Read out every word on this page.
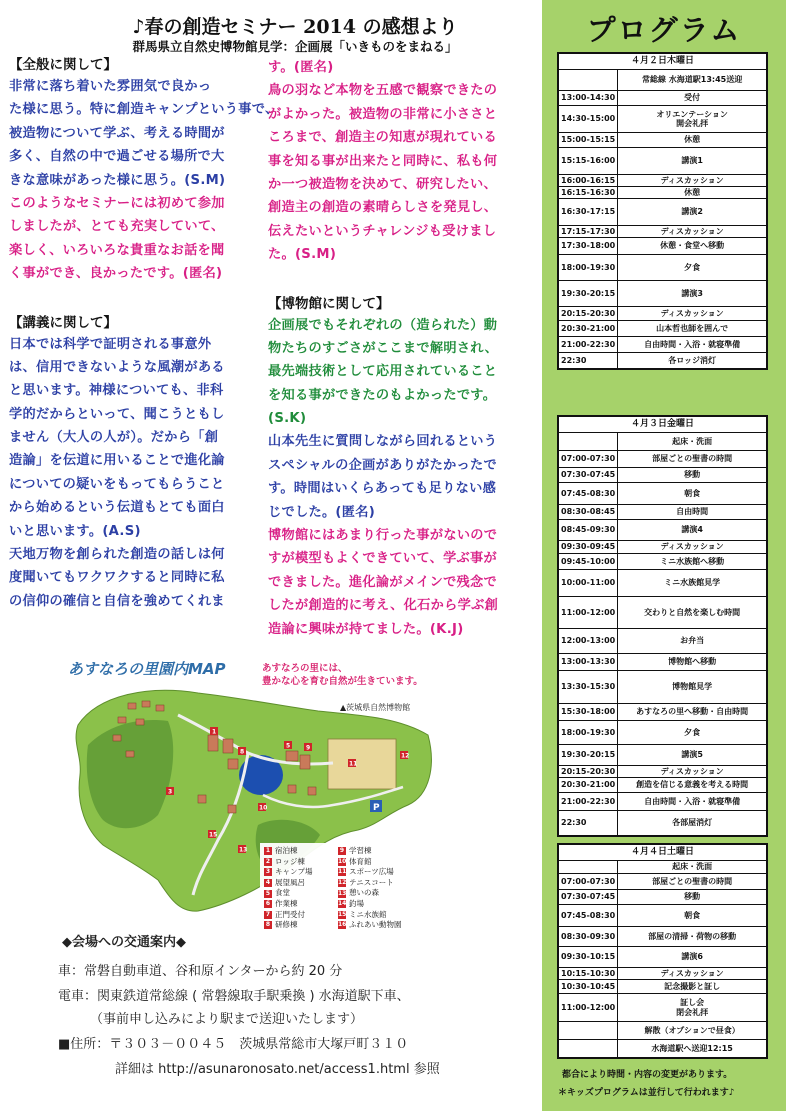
♪春の創造セミナー 2014 の感想より
群馬県立自然史博物館見学：企画展「いきものをまねる」
【全般に関して】
非常に落ち着いた雰囲気で良かっ
た様に思う。特に創造キャンプという事で、
被造物について学ぶ、考える時間が
多く、自然の中で過ごせる場所で大
きな意味があった様に思う。(S.M)
このようなセミナーには初めて参加
しましたが、とても充実していて、
楽しく、いろいろな貴重なお話を聞
く事ができ、良かったです。(匿名)
【講義に関して】
日本では科学で証明される事意外
は、信用できないような風潮がある
と思います。神様についても、非科
学的だからといって、聞こうともし
ません（大人の人が）。だから「創
造論」を伝道に用いることで進化論
についての疑いをもってもらうこと
から始めるという伝道もとても面白
いと思います。(A.S)
天地万物を創られた創造の話しは何
度聞いてもワクワクすると同時に私
の信仰の確信と自信を強めてくれま
す。(匿名)
鳥の羽など本物を五感で観察できたの
がよかった。被造物の非常に小ささと
ころまで、創造主の知恵が現れている
事を知る事が出来たと同時に、私も何
か一つ被造物を決めて、研究したい、
創造主の創造の素晴らしさを発見し、
伝えたいというチャレンジも受けまし
た。(S.M)
【博物館に関して】
企画展でもそれぞれの（造られた）動
物たちのすごさがここまで解明され、
最先端技術として応用されていること
を知る事ができたのもよかったです。
(S.K)
山本先生に質問しながら回れるという
スペシャルの企画がありがたかったで
す。時間はいくらあっても足りない感
じでした。(匿名)
博物館にはあまり行った事がないので
すが模型もよくできていて、学ぶ事が
できました。進化論がメインで残念で
したが創造的に考え、化石から学ぶ創
造論に興味が持てました。(K.J)
P
1
3
5
8
9
10
11
12
13
15
あすなろの里園内MAP	あすなろの里には、
豊かな心を育む自然が生きています。
▲茨城県自然博物館
1 宿泊棟
2 ロッジ棟
3 キャンプ場
4 展望風呂
5 食堂
6 作業棟
7 正門受付
8 研修棟
9 学習棟
10 体育館
11 スポーツ広場
12 テニスコート
13 憩いの森
14 釣場
15 ミニ水族館
16 ふれあい動物園
◆会場への交通案内◆
車：常磐自動車道、谷和原インターから約 20 分
電車：関東鉄道常総線 ( 常磐線取手駅乗換 ) 水海道駅下車、
（事前申し込みにより駅まで送迎いたします）
■住所：〒３０３－００４５　茨城県常総市大塚戸町３１０
詳細は http://asunaronosato.net/access1.html 参照
プログラム
４月２日木曜日	
	常総線 水海道駅13:45送迎
13:00-14:30	受付
14:30-15:00	オリエンテーション
開会礼拝
15:00-15:15	休憩
15:15-16:00	講演1
16:00-16:15	ディスカッション
16:15-16:30	休憩
16:30-17:15	講演2
17:15-17:30	ディスカッション
17:30-18:00	休憩・食堂へ移動
18:00-19:30	夕食
19:30-20:15	講演3
20:15-20:30	ディスカッション
20:30-21:00	山本哲也師を囲んで
21:00-22:30	自由時間・入浴・就寝準備
22:30	各ロッジ消灯
４月３日金曜日	
	起床・洗面
07:00-07:30	部屋ごとの聖書の時間
07:30-07:45	移動
07:45-08:30	朝食
08:30-08:45	自由時間
08:45-09:30	講演4
09:30-09:45	ディスカッション
09:45-10:00	ミニ水族館へ移動
10:00-11:00	ミニ水族館見学
11:00-12:00	交わりと自然を楽しむ時間
12:00-13:00	お弁当
13:00-13:30	博物館へ移動
13:30-15:30	博物館見学
15:30-18:00	あすなろの里へ移動・自由時間
18:00-19:30	夕食
19:30-20:15	講演5
20:15-20:30	ディスカッション
20:30-21:00	創造を信じる意義を考える時間
21:00-22:30	自由時間・入浴・就寝準備
22:30	各部屋消灯
４月４日土曜日	
	起床・洗面
07:00-07:30	部屋ごとの聖書の時間
07:30-07:45	移動
07:45-08:30	朝食
08:30-09:30	部屋の清掃・荷物の移動
09:30-10:15	講演6
10:15-10:30	ディスカッション
10:30-10:45	記念撮影と証し
11:00-12:00	証し会
閉会礼拝
	解散（オプションで昼食）
	水海道駅へ送迎12:15
都合により時間・内容の変更があります。
＊キッズプログラムは並行して行われます♪
